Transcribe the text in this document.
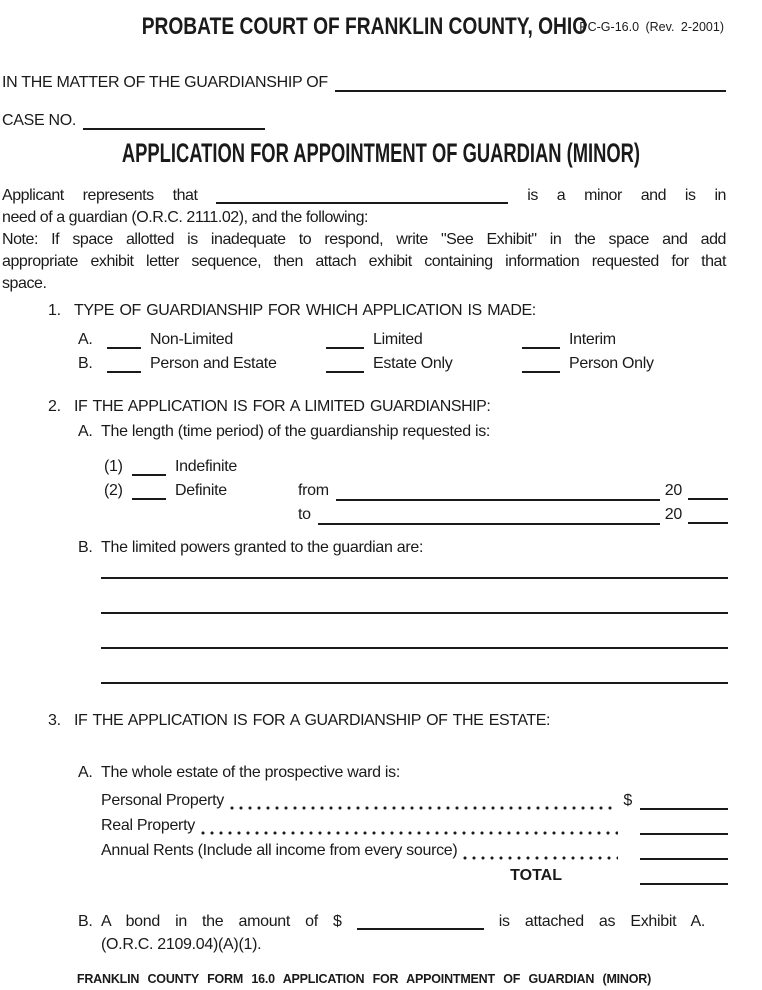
PC-G-16.0 (Rev. 2-2001)
PROBATE COURT OF FRANKLIN COUNTY, OHIO
IN THE MATTER OF THE GUARDIANSHIP OF
CASE NO.
APPLICATION FOR APPOINTMENT OF GUARDIAN (MINOR)
Applicant represents that	is a minor and is in
need of a guardian (O.R.C. 2111.02), and the following:
Note: If space allotted is inadequate to respond, write "See Exhibit" in the space and add
appropriate exhibit letter sequence, then attach exhibit containing information requested for that
space.
1. TYPE OF GUARDIANSHIP FOR WHICH APPLICATION IS MADE:
A.	Non-Limited	Limited	Interim
B.	Person and Estate	Estate Only	Person Only
2. IF THE APPLICATION IS FOR A LIMITED GUARDIANSHIP:
A. The length (time period) of the guardianship requested is:
(1)	Indefinite
(2)	Definite	from	20
to	20
B. The limited powers granted to the guardian are:
3. IF THE APPLICATION IS FOR A GUARDIANSHIP OF THE ESTATE:
A. The whole estate of the prospective ward is:
Personal Property	$
Real Property
Annual Rents (Include all income from every source)
TOTAL
B. A bond in the amount of $	is attached as Exhibit A.
(O.R.C. 2109.04)(A)(1).
FRANKLIN COUNTY FORM 16.0 APPLICATION FOR APPOINTMENT OF GUARDIAN (MINOR)
